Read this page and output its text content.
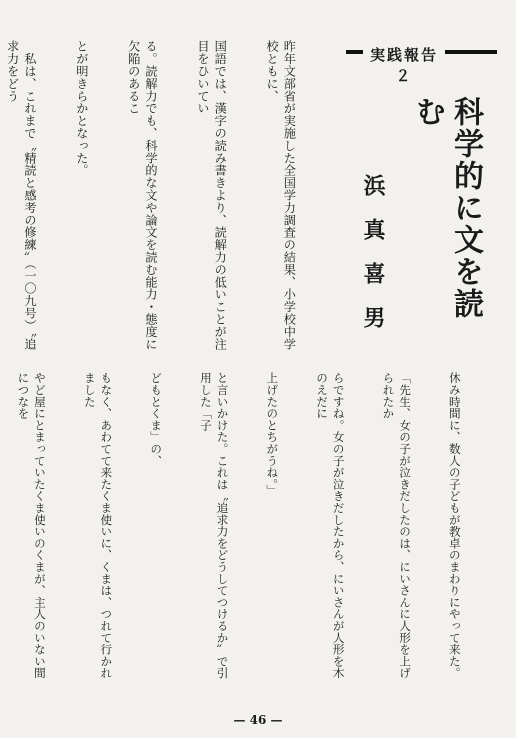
実践報告２
科学的に文を読む
浜　真　喜　男

昨年文部省が実施した全国学力調査の結果、小学校中学校ともに、

国語では、漢字の読み書きより、読解力の低いことが注目をひいてい

る。読解力でも、科学的な文や論文を読む能力・態度に欠陥のあるこ

とが明きらかとなった。

　私は、これまで〝精読と感考の修練〟（一〇九号）〝追求力をどう

休み時間に、数人の子どもが教卓のまわりにやって来た。

「先生、女の子が泣きだしたのは、にいさんに人形を上げられたか

らですね。女の子が泣きだしたから、にいさんが人形を木のえだに

上げたのとちがうね。」

と言いかけた。これは〝追求力をどうしてつけるか〟で引用した「子

どもとくま」の、

もなく、あわてて来たくま使いに、くまは、つれて行かれました

やど屋にとまっていたくま使いのくまが、主人のいない間につなを

— 46 —
